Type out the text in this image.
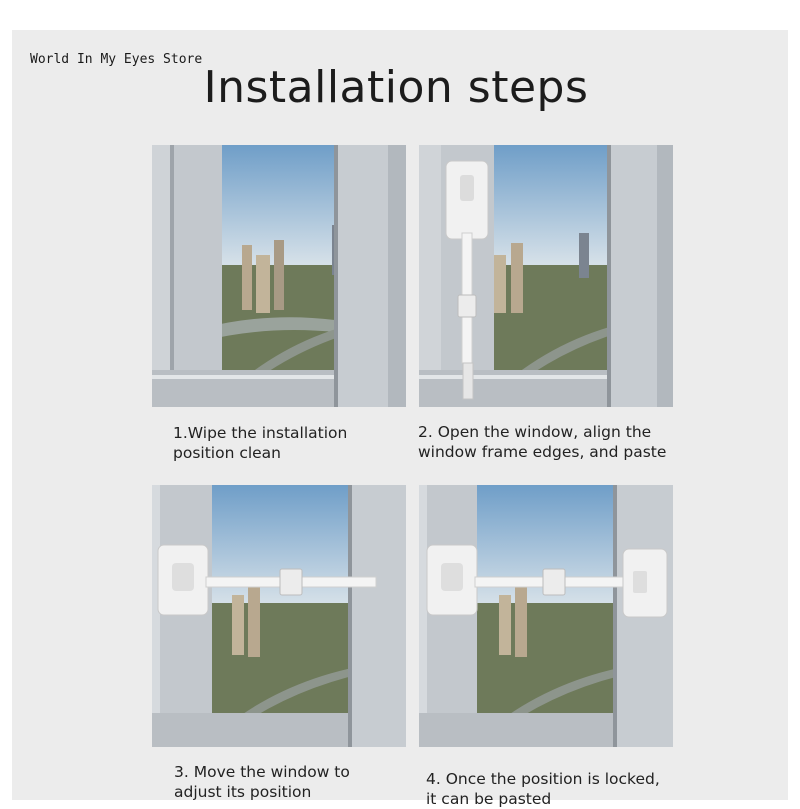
World In My Eyes Store
Installation steps
1.Wipe the installation
position clean
2. Open the window, align the
window frame edges, and paste
3. Move the window to
adjust its position
4. Once the position is locked,
it can be pasted
